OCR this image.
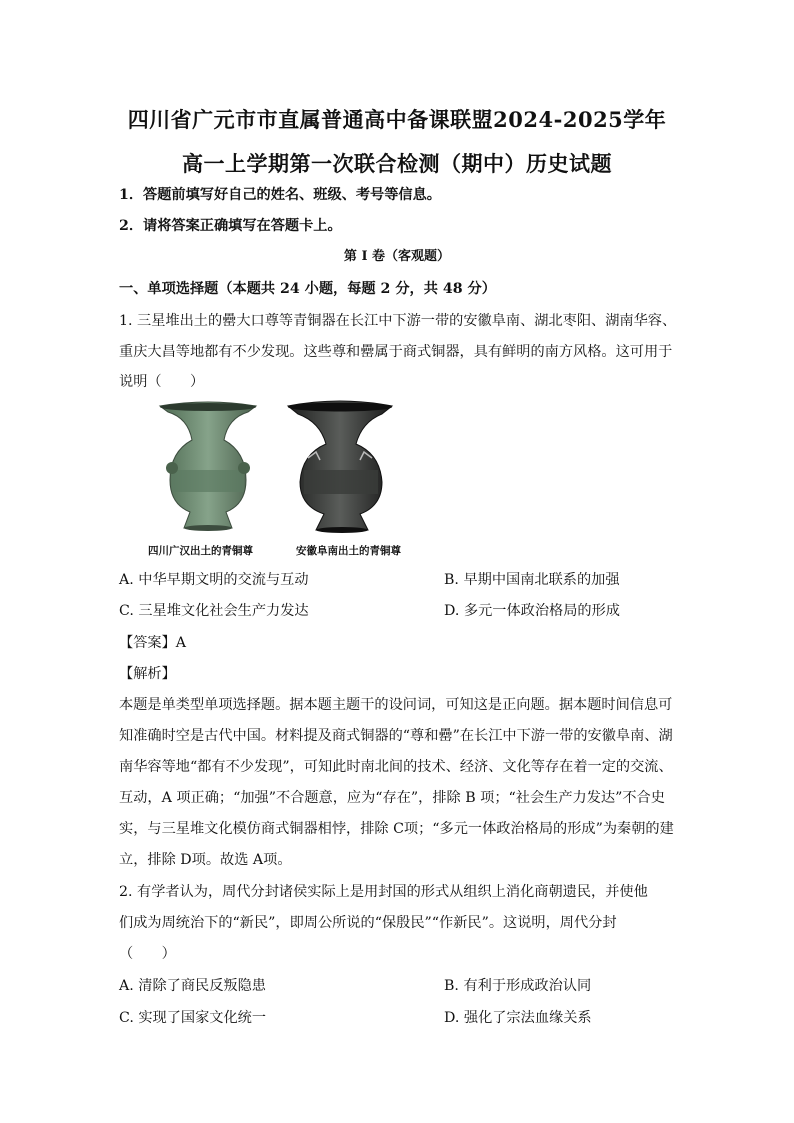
四川省广元市市直属普通高中备课联盟2024-2025学年
高一上学期第一次联合检测（期中）历史试题
1．答题前填写好自己的姓名、班级、考号等信息。
2．请将答案正确填写在答题卡上。
第 I 卷（客观题）
一、单项选择题（本题共 24 小题，每题 2 分，共 48 分）
1. 三星堆出土的罍大口尊等青铜器在长江中下游一带的安徽阜南、湖北枣阳、湖南华容、
重庆大昌等地都有不少发现。这些尊和罍属于商式铜器，具有鲜明的南方风格。这可用于
说明（　　）
四川广汉出土的青铜尊	安徽阜南出土的青铜尊
A. 中华早期文明的交流与互动	B. 早期中国南北联系的加强
C. 三星堆文化社会生产力发达	D. 多元一体政治格局的形成
【答案】A
【解析】
本题是单类型单项选择题。据本题主题干的设问词，可知这是正向题。据本题时间信息可
知准确时空是古代中国。材料提及商式铜器的“尊和罍”在长江中下游一带的安徽阜南、湖
南华容等地“都有不少发现”，可知此时南北间的技术、经济、文化等存在着一定的交流、
互动，A 项正确；“加强”不合题意，应为“存在”，排除 B 项；“社会生产力发达”不合史
实，与三星堆文化模仿商式铜器相悖，排除 C项；“多元一体政治格局的形成”为秦朝的建
立，排除 D项。故选 A项。
2. 有学者认为，周代分封诸侯实际上是用封国的形式从组织上消化商朝遗民，并使他
们成为周统治下的“新民”，即周公所说的“保殷民”“作新民”。这说明，周代分封
（　　）
A. 清除了商民反叛隐患	B. 有利于形成政治认同
C. 实现了国家文化统一	D. 强化了宗法血缘关系
